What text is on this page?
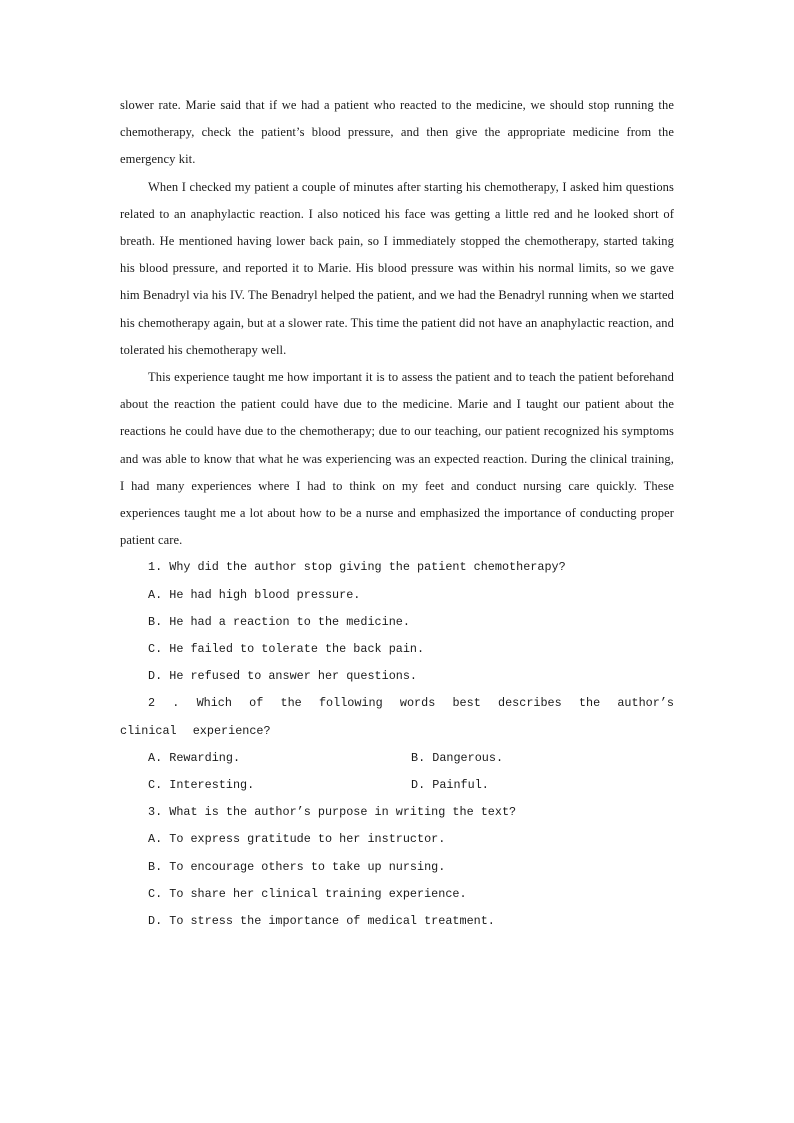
slower rate. Marie said that if we had a patient who reacted to the medicine, we should stop running the chemotherapy, check the patient’s blood pressure, and then give the appropriate medicine from the emergency kit.

When I checked my patient a couple of minutes after starting his chemotherapy, I asked him questions related to an anaphylactic reaction. I also noticed his face was getting a little red and he looked short of breath. He mentioned having lower back pain, so I immediately stopped the chemotherapy, started taking his blood pressure, and reported it to Marie. His blood pressure was within his normal limits, so we gave him Benadryl via his IV. The Benadryl helped the patient, and we had the Benadryl running when we started his chemotherapy again, but at a slower rate. This time the patient did not have an anaphylactic reaction, and tolerated his chemotherapy well.

This experience taught me how important it is to assess the patient and to teach the patient beforehand about the reaction the patient could have due to the medicine. Marie and I taught our patient about the reactions he could have due to the chemotherapy; due to our teaching, our patient recognized his symptoms and was able to know that what he was experiencing was an expected reaction. During the clinical training, I had many experiences where I had to think on my feet and conduct nursing care quickly. These experiences taught me a lot about how to be a nurse and emphasized the importance of conducting proper patient care.

1. Why did the author stop giving the patient chemotherapy?

A. He had high blood pressure.

B. He had a reaction to the medicine.

C. He failed to tolerate the back pain.

D. He refused to answer her questions.

2 . Which of the following words best describes the author’s clinical experience?

A. Rewarding.	B. Dangerous.
C. Interesting.	D. Painful.

3. What is the author’s purpose in writing the text?

A. To express gratitude to her instructor.

B. To encourage others to take up nursing.

C. To share her clinical training experience.

D. To stress the importance of medical treatment.
